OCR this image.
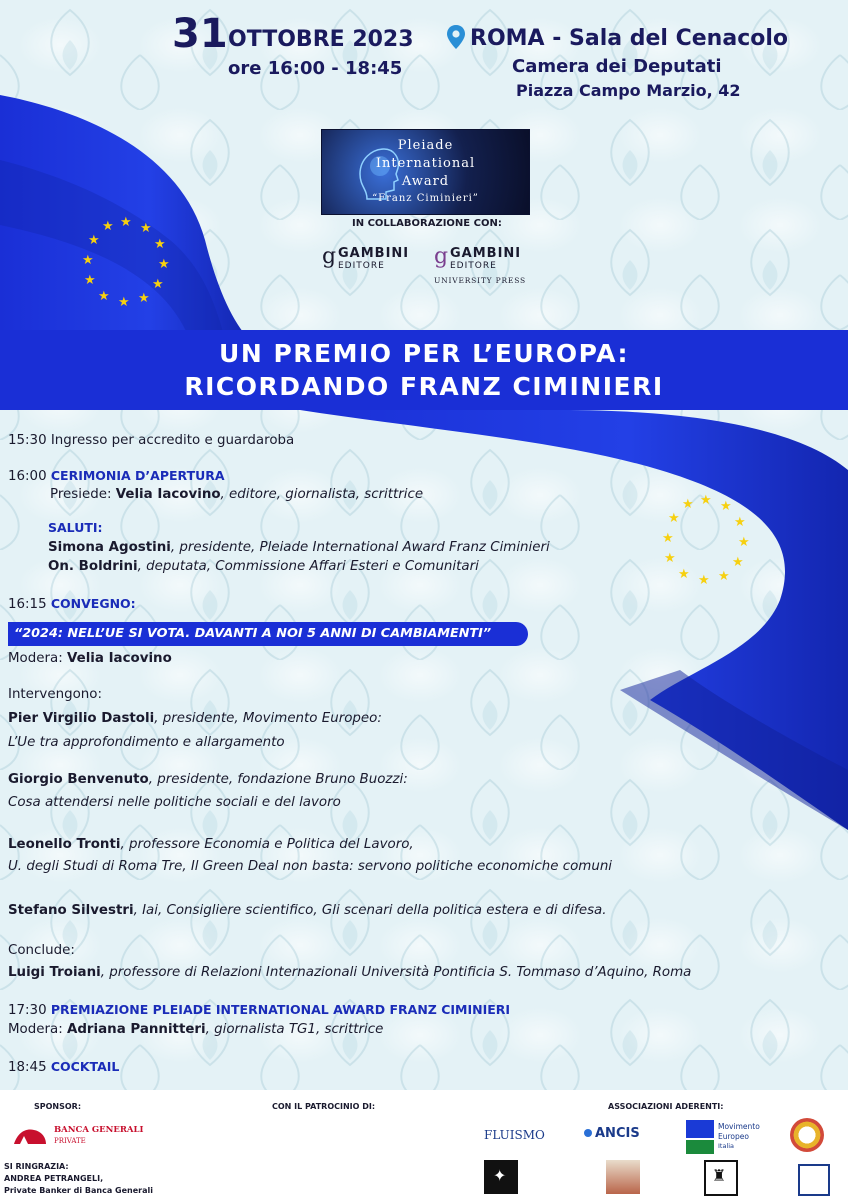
★ ★
★
★
★
★
★
★
★
★
★
★
★ ★
★
★
★
★
★
★
★
★
★
★
31 OTTOBRE 2023
ore 16:00 - 18:45
ROMA - Sala del Cenacolo
Camera dei Deputati
Piazza Campo Marzio, 42
Pleiade
International
Award
“Franz Ciminieri”
IN COLLABORAZIONE CON:
g GAMBINI
EDITORE g GAMBINI
EDITORE
UNIVERSITY PRESS
UN PREMIO PER L’EUROPA:
RICORDANDO FRANZ CIMINIERI
15:30 Ingresso per accredito e guardaroba
16:00 CERIMONIA D’APERTURA
Presiede: Velia Iacovino, editore, giornalista, scrittrice
SALUTI:
Simona Agostini, presidente, Pleiade International Award Franz Ciminieri
On. Boldrini, deputata, Commissione Affari Esteri e Comunitari
16:15 CONVEGNO:
“2024: NELL’UE SI VOTA. DAVANTI A NOI 5 ANNI DI CAMBIAMENTI”
Modera: Velia Iacovino
Intervengono:
Pier Virgilio Dastoli, presidente, Movimento Europeo:
L’Ue tra approfondimento e allargamento
Giorgio Benvenuto, presidente, fondazione Bruno Buozzi:
Cosa attendersi nelle politiche sociali e del lavoro
Leonello Tronti, professore Economia e Politica del Lavoro,
U. degli Studi di Roma Tre, Il Green Deal non basta: servono politiche economiche comuni
Stefano Silvestri, Iai, Consigliere scientifico, Gli scenari della politica estera e di difesa.
Conclude:
Luigi Troiani, professore di Relazioni Internazionali Università Pontificia S. Tommaso d’Aquino, Roma
17:30 PREMIAZIONE PLEIADE INTERNATIONAL AWARD FRANZ CIMINIERI
Modera: Adriana Pannitteri, giornalista TG1, scrittrice
18:45 COCKTAIL
SPONSOR:
BANCA GENERALI
PRIVATE
SI RINGRAZIA:
ANDREA PETRANGELI,
Private Banker di Banca Generali
CON IL PATROCINIO DI:	ASSOCIAZIONI ADERENTI:
FLUISMO	ANCIS	Movimento
Europeo
Italia
✦	♜
